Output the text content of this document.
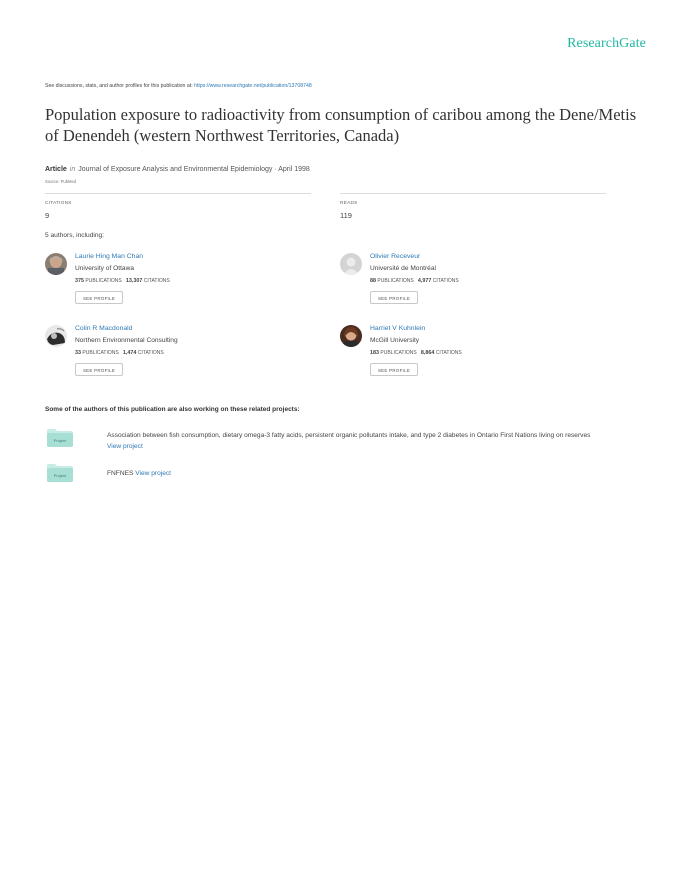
ResearchGate
See discussions, stats, and author profiles for this publication at: https://www.researchgate.net/publication/13708748
Population exposure to radioactivity from consumption of caribou among the Dene/Metis of Denendeh (western Northwest Territories, Canada)
Article in Journal of Exposure Analysis and Environmental Epidemiology · April 1998
Source: PubMed
CITATIONS
9
READS
119
5 authors, including:
Laurie Hing Man Chan
University of Ottawa
375 PUBLICATIONS 13,307 CITATIONS
SEE PROFILE
Olivier Receveur
Université de Montréal
88 PUBLICATIONS 4,977 CITATIONS
SEE PROFILE
Colin R Macdonald
Northern Environmental Consulting
33 PUBLICATIONS 1,474 CITATIONS
SEE PROFILE
Harriet V Kuhnlein
McGill University
183 PUBLICATIONS 8,864 CITATIONS
SEE PROFILE
Some of the authors of this publication are also working on these related projects:
Project
Association between fish consumption, dietary omega-3 fatty acids, persistent organic pollutants intake, and type 2 diabetes in Ontario First Nations living on reserves
View project
Project	FNFNES View project
